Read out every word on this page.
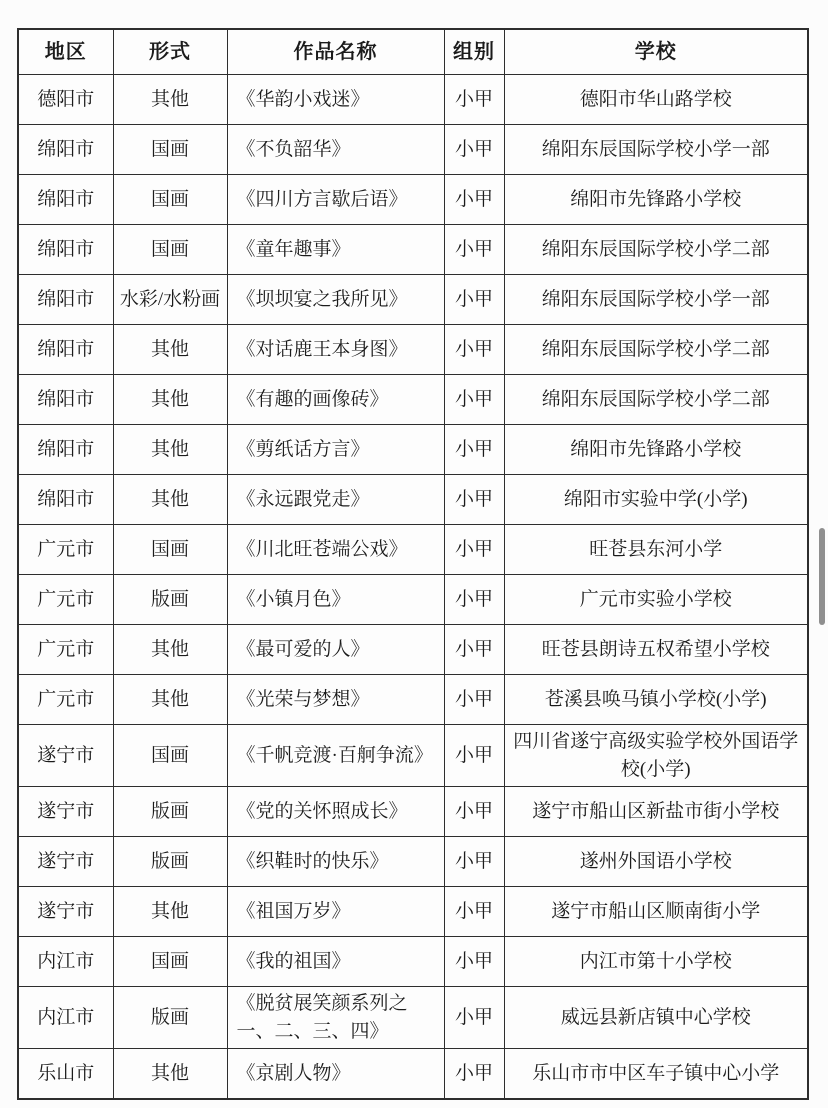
地区	形式	作品名称	组别	学校
德阳市	其他	《华韵小戏迷》	小甲	德阳市华山路学校
绵阳市	国画	《不负韶华》	小甲	绵阳东辰国际学校小学一部
绵阳市	国画	《四川方言歇后语》	小甲	绵阳市先锋路小学校
绵阳市	国画	《童年趣事》	小甲	绵阳东辰国际学校小学二部
绵阳市	水彩/水粉画	《坝坝宴之我所见》	小甲	绵阳东辰国际学校小学一部
绵阳市	其他	《对话鹿王本身图》	小甲	绵阳东辰国际学校小学二部
绵阳市	其他	《有趣的画像砖》	小甲	绵阳东辰国际学校小学二部
绵阳市	其他	《剪纸话方言》	小甲	绵阳市先锋路小学校
绵阳市	其他	《永远跟党走》	小甲	绵阳市实验中学(小学)
广元市	国画	《川北旺苍端公戏》	小甲	旺苍县东河小学
广元市	版画	《小镇月色》	小甲	广元市实验小学校
广元市	其他	《最可爱的人》	小甲	旺苍县朗诗五权希望小学校
广元市	其他	《光荣与梦想》	小甲	苍溪县唤马镇小学校(小学)
遂宁市	国画	《千帆竞渡·百舸争流》	小甲	四川省遂宁高级实验学校外国语学校(小学)
遂宁市	版画	《党的关怀照成长》	小甲	遂宁市船山区新盐市街小学校
遂宁市	版画	《织鞋时的快乐》	小甲	遂州外国语小学校
遂宁市	其他	《祖国万岁》	小甲	遂宁市船山区顺南街小学
内江市	国画	《我的祖国》	小甲	内江市第十小学校
内江市	版画	《脱贫展笑颜系列之一、二、三、四》	小甲	威远县新店镇中心学校
乐山市	其他	《京剧人物》	小甲	乐山市市中区车子镇中心小学
